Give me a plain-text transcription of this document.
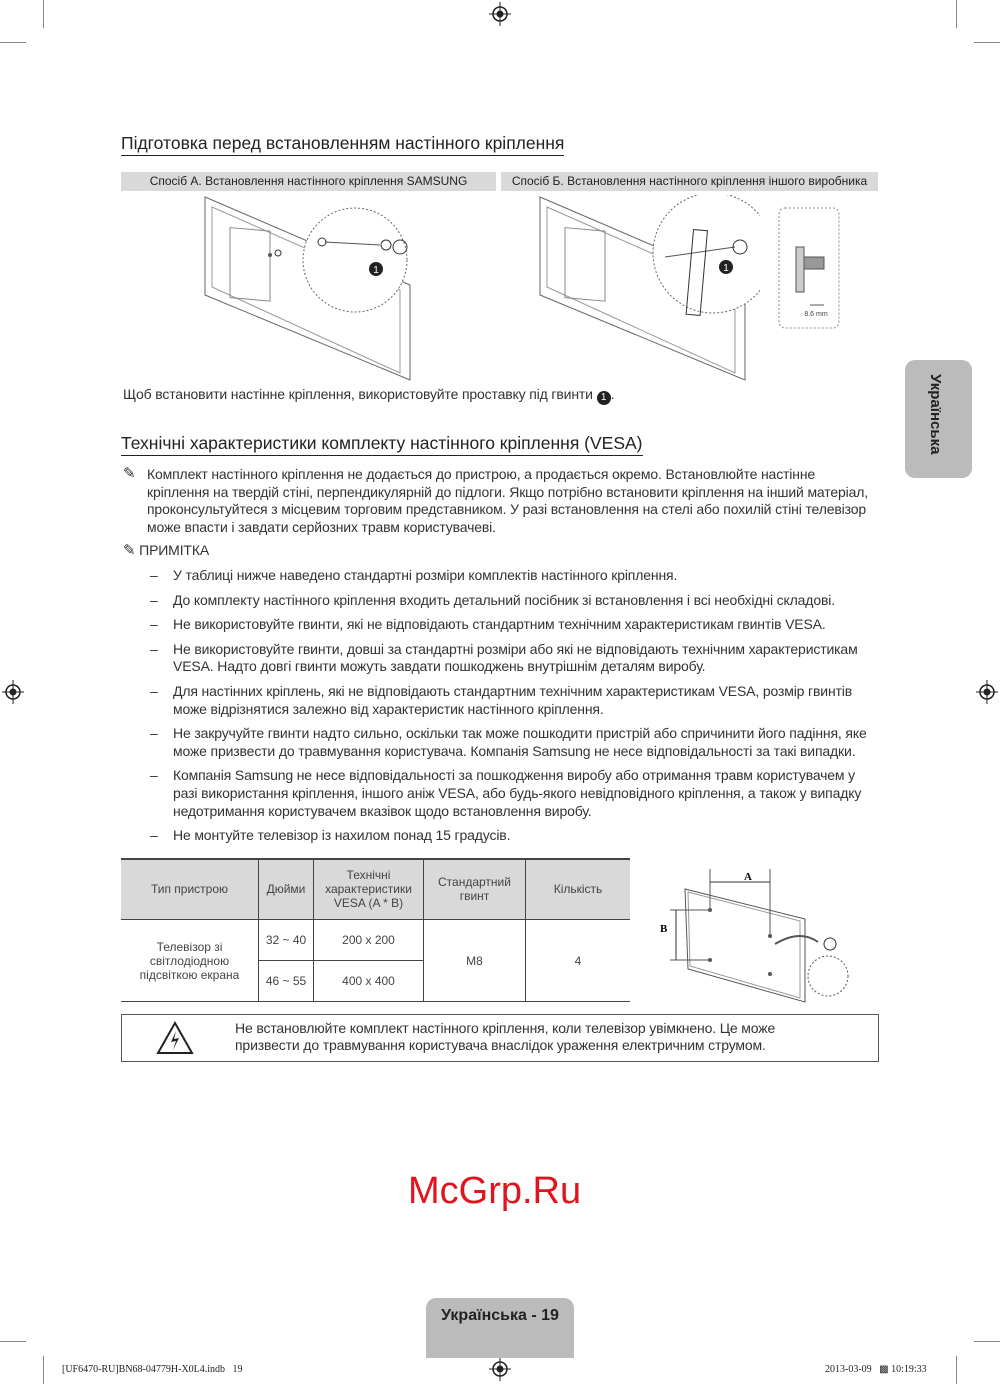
Підготовка перед встановленням настінного кріплення
Спосіб А. Встановлення настінного кріплення SAMSUNG	Спосіб Б. Встановлення настінного кріплення іншого виробника
1	1
8.6 mm
Щоб встановити настінне кріплення, використовуйте проставку під гвинти 1 .
Технічні характеристики комплекту настінного кріплення (VESA)
✎ Комплект настінного кріплення не додається до пристрою, а продається окремо. Встановлюйте настінне кріплення на твердій стіні, перпендикулярній до підлоги. Якщо потрібно встановити кріплення на інший матеріал, проконсультуйтеся з місцевим торговим представником. У разі встановлення на стелі або похилій стіні телевізор може впасти і завдати серйозних травм користувачеві.
✎ ПРИМІТКА
– У таблиці нижче наведено стандартні розміри комплектів настінного кріплення.
– До комплекту настінного кріплення входить детальний посібник зі встановлення і всі необхідні складові.
– Не використовуйте гвинти, які не відповідають стандартним технічним характеристикам гвинтів VESA.
– Не використовуйте гвинти, довші за стандартні розміри або які не відповідають технічним характеристикам VESA. Надто довгі гвинти можуть завдати пошкоджень внутрішнім деталям виробу.
– Для настінних кріплень, які не відповідають стандартним технічним характеристикам VESA, розмір гвинтів може відрізнятися залежно від характеристик настінного кріплення.
– Не закручуйте гвинти надто сильно, оскільки так може пошкодити пристрій або спричинити його падіння, яке може призвести до травмування користувача. Компанія Samsung не несе відповідальності за такі випадки.
– Компанія Samsung не несе відповідальності за пошкодження виробу або отримання травм користувачем у разі використання кріплення, іншого аніж VESA, або будь-якого невідповідного кріплення, а також у випадку недотримання користувачем вказівок щодо встановлення виробу.
– Не монтуйте телевізор із нахилом понад 15 градусів.
Тип пристрою	Дюйми	Технічні характеристики VESA (A * B)	Стандартний гвинт	Кількість
Телевізор зі світлодіодною підсвіткою екрана	32 ~ 40	200 x 200	M8	4
	46 ~ 55	400 x 400		
A
B
Не встановлюйте комплект настінного кріплення, коли телевізор увімкнено. Це може призвести до травмування користувача внаслідок ураження електричним струмом.
McGrp.Ru
Українська
Українська - 19
[UF6470-RU]BN68-04779H-X0L4.indb   19	2013-03-09   ▩ 10:19:33
